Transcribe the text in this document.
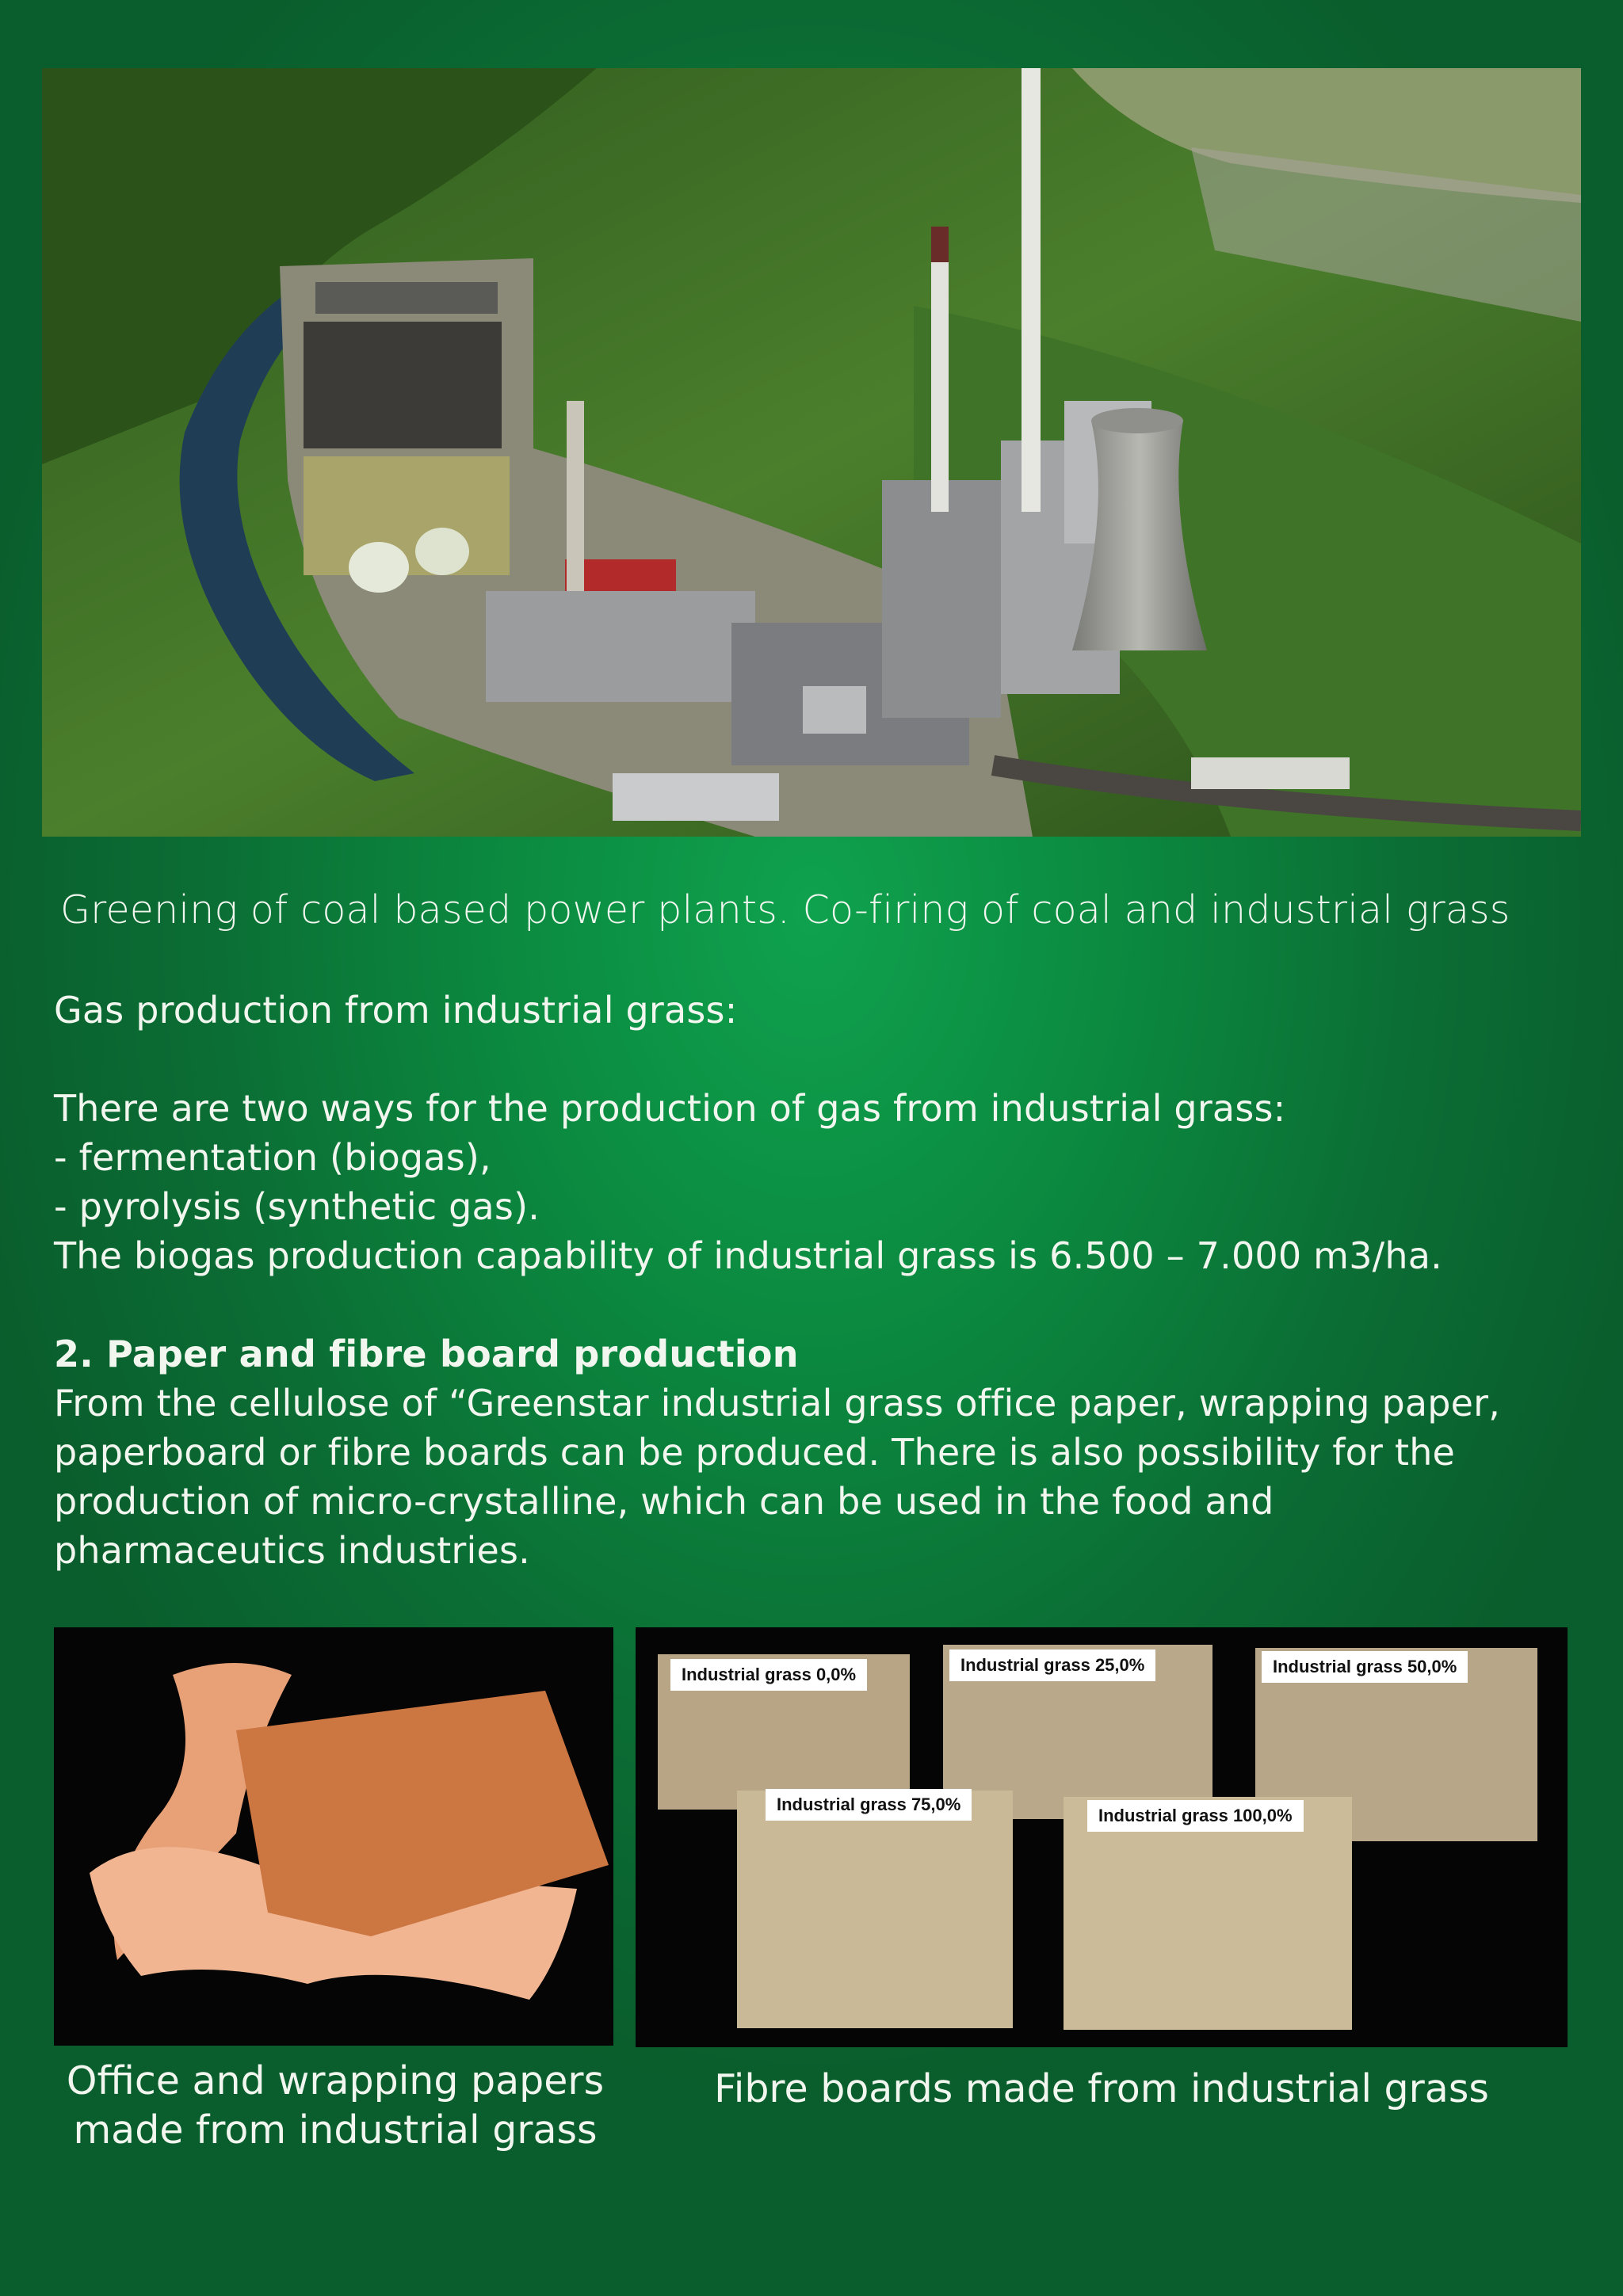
Greening of coal based power plants. Co-firing of coal and industrial grass

Gas production from industrial grass:

There are two ways for the production of gas from industrial grass:

- fermentation (biogas),

- pyrolysis (synthetic gas).

The biogas production capability of industrial grass is 6.500 – 7.000 m3/ha.

2. Paper and fibre board production

From the cellulose of “Greenstar industrial grass office paper, wrapping paper,

paperboard or fibre boards can be produced. There is also possibility for the

production of micro-crystalline, which can be used in the food and

pharmaceutics industries.

Industrial grass 0,0%	Industrial grass 25,0%	Industrial grass 50,0%
Industrial grass 75,0%
Industrial grass 100,0%
Office and wrapping papers
made from industrial grass
Fibre boards made from industrial grass
